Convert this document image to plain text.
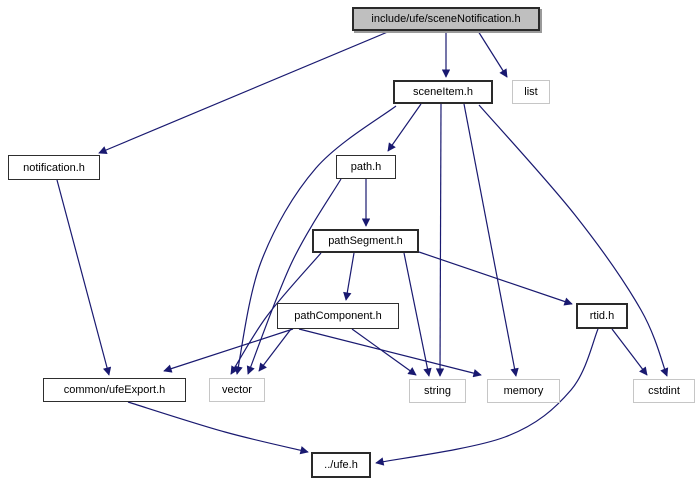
include/ufe/sceneNotification.h
sceneItem.h	list
notification.h	path.h
pathSegment.h
pathComponent.h	rtid.h
common/ufeExport.h	vector	string	memory	cstdint
../ufe.h
